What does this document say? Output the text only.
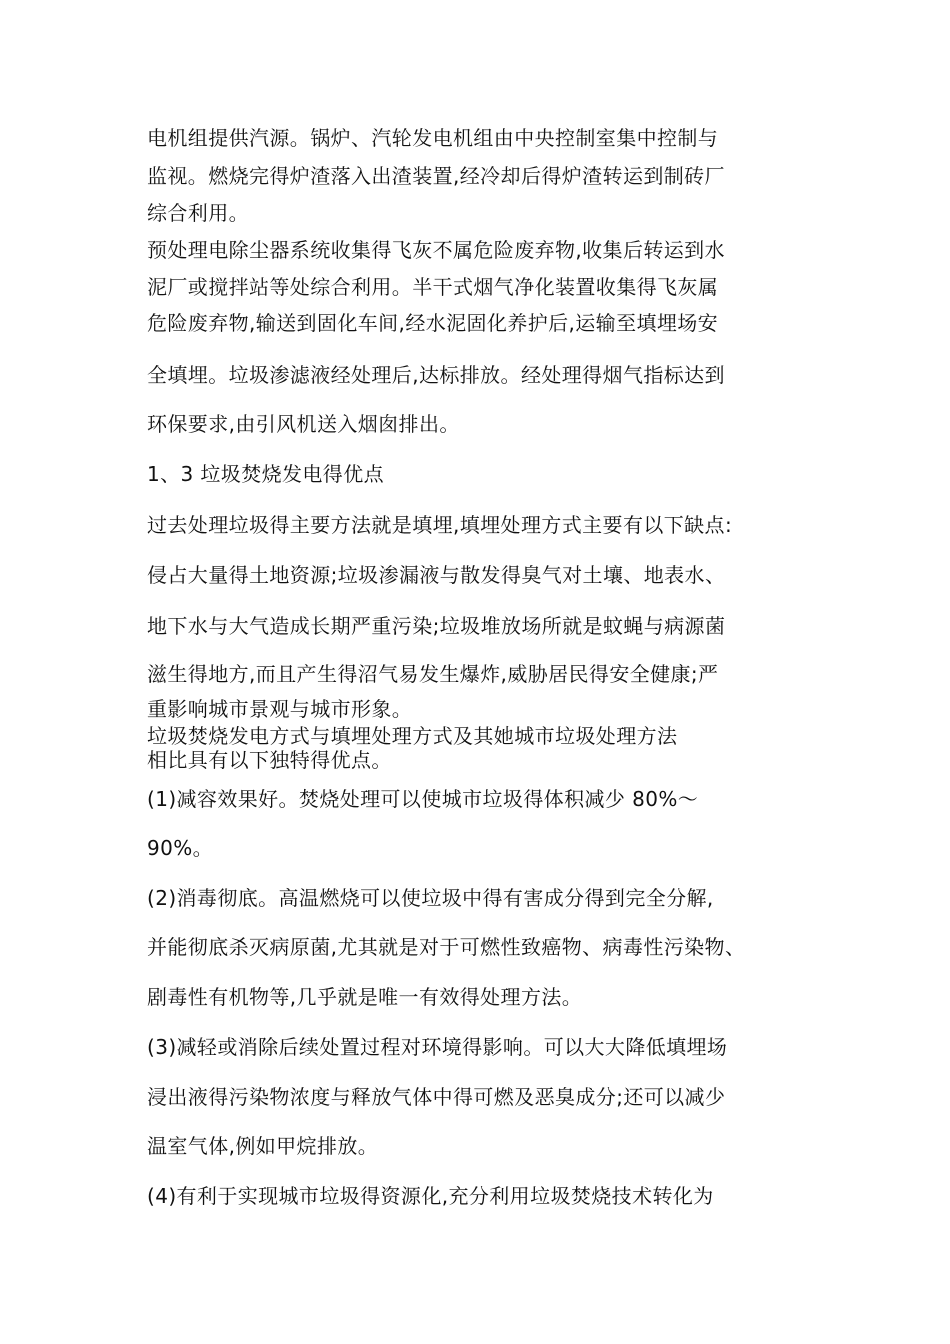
电机组提供汽源。锅炉、汽轮发电机组由中央控制室集中控制与
监视。燃烧完得炉渣落入出渣装置,经冷却后得炉渣转运到制砖厂
综合利用。
预处理电除尘器系统收集得飞灰不属危险废弃物,收集后转运到水
泥厂或搅拌站等处综合利用。半干式烟气净化装置收集得飞灰属
危险废弃物,输送到固化车间,经水泥固化养护后,运输至填埋场安
全填埋。垃圾渗滤液经处理后,达标排放。经处理得烟气指标达到
环保要求,由引风机送入烟囱排出。
1、3 垃圾焚烧发电得优点
过去处理垃圾得主要方法就是填埋,填埋处理方式主要有以下缺点:
侵占大量得土地资源;垃圾渗漏液与散发得臭气对土壤、地表水、
地下水与大气造成长期严重污染;垃圾堆放场所就是蚊蝇与病源菌
滋生得地方,而且产生得沼气易发生爆炸,威胁居民得安全健康;严
重影响城市景观与城市形象。
垃圾焚烧发电方式与填埋处理方式及其她城市垃圾处理方法
相比具有以下独特得优点。
(1)减容效果好。焚烧处理可以使城市垃圾得体积减少 80%～
90%。
(2)消毒彻底。高温燃烧可以使垃圾中得有害成分得到完全分解,
并能彻底杀灭病原菌,尤其就是对于可燃性致癌物、病毒性污染物、
剧毒性有机物等,几乎就是唯一有效得处理方法。
(3)减轻或消除后续处置过程对环境得影响。可以大大降低填埋场
浸出液得污染物浓度与释放气体中得可燃及恶臭成分;还可以减少
温室气体,例如甲烷排放。
(4)有利于实现城市垃圾得资源化,充分利用垃圾焚烧技术转化为
